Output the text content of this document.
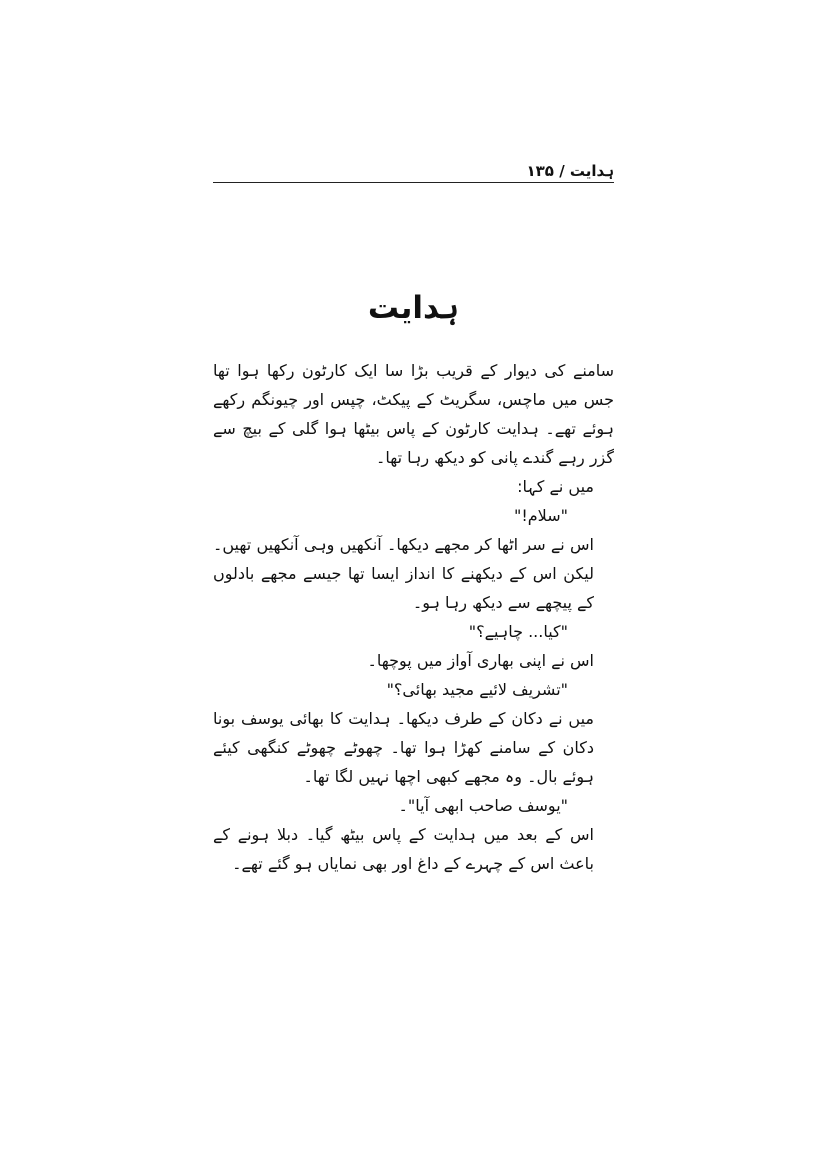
ہدایت / ۱۳۵
ہدایت

سامنے کی دیوار کے قریب بڑا سا ایک کارٹون رکھا ہوا تھا جس میں ماچس، سگریٹ کے پیکٹ، چپس اور چیونگم رکھے ہوئے تھے۔ ہدایت کارٹون کے پاس بیٹھا ہوا گلی کے بیچ سے گزر رہے گندے پانی کو دیکھ رہا تھا۔

میں نے کہا:

"سلام!"

اس نے سر اٹھا کر مجھے دیکھا۔ آنکھیں وہی آنکھیں تھیں۔ لیکن اس کے دیکھنے کا انداز ایسا تھا جیسے مجھے بادلوں کے پیچھے سے دیکھ رہا ہو۔

"کیا... چاہیے؟"

اس نے اپنی بھاری آواز میں پوچھا۔

"تشریف لائیے مجید بھائی؟"

میں نے دکان کے طرف دیکھا۔ ہدایت کا بھائی یوسف بونا دکان کے سامنے کھڑا ہوا تھا۔ چھوٹے چھوٹے کنگھی کیئے ہوئے بال۔ وہ مجھے کبھی اچھا نہیں لگا تھا۔

"یوسف صاحب ابھی آیا"۔

اس کے بعد میں ہدایت کے پاس بیٹھ گیا۔ دبلا ہونے کے باعث اس کے چہرے کے داغ اور بھی نمایاں ہو گئے تھے۔
